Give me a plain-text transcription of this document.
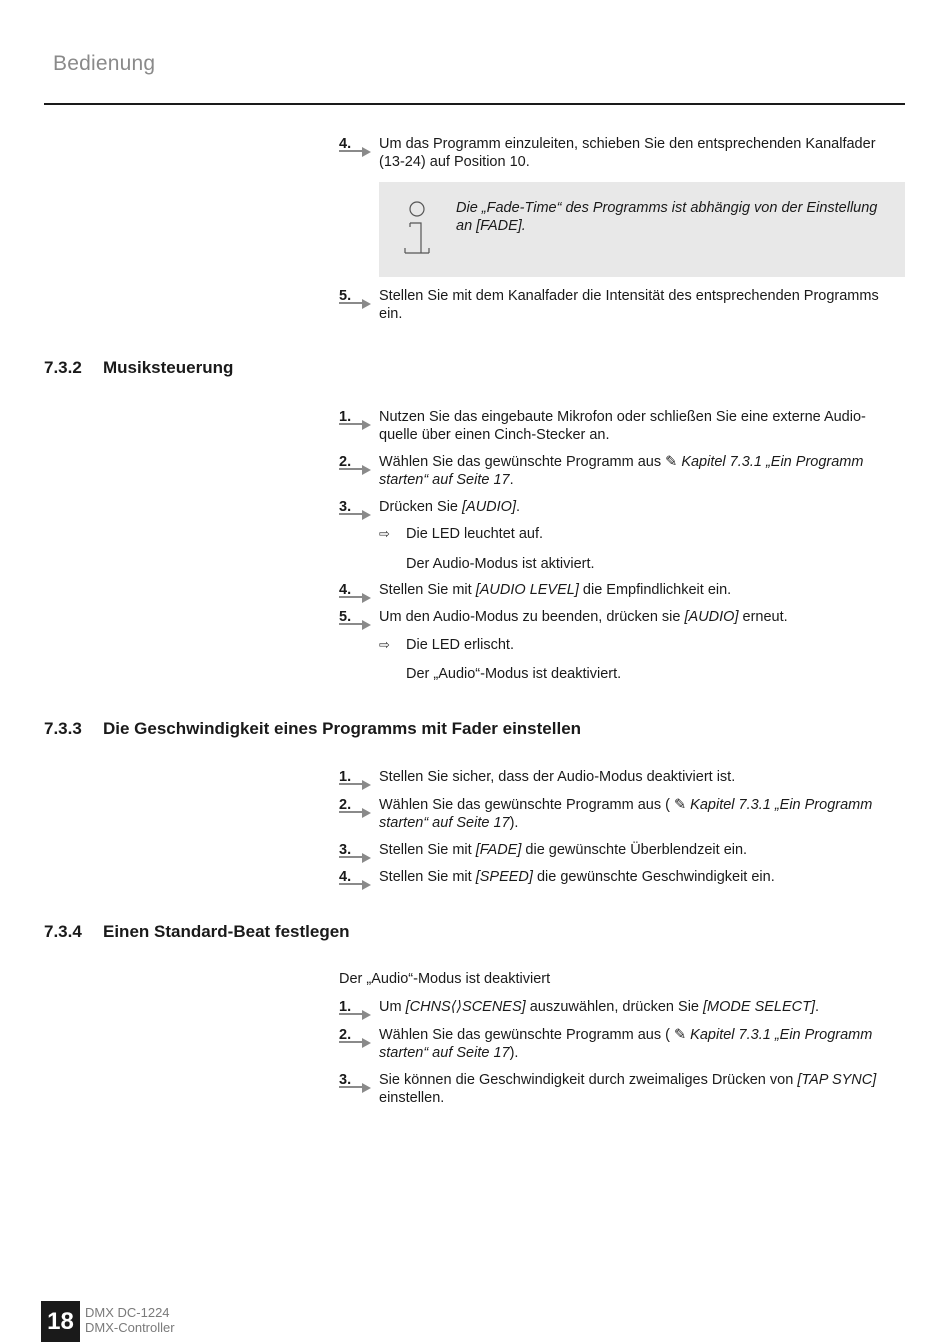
Bedienung
4.	Um das Programm einzuleiten, schieben Sie den entsprechenden Kanalfader (13-24) auf Position 10.
Die „Fade-Time“ des Programms ist abhängig von der Einstellung an [FADE].
5.	Stellen Sie mit dem Kanalfader die Intensität des entsprechenden Programms ein.
7.3.2 Musiksteuerung
1.	Nutzen Sie das eingebaute Mikrofon oder schließen Sie eine externe Audio-quelle über einen Cinch-Stecker an.
2.	Wählen Sie das gewünschte Programm aus ✎ Kapitel 7.3.1 „Ein Programm starten“ auf Seite 17.
3.	Drücken Sie [AUDIO].
⇨	Die LED leuchtet auf.
Der Audio-Modus ist aktiviert.
4.	Stellen Sie mit [AUDIO LEVEL] die Empfindlichkeit ein.
5.	Um den Audio-Modus zu beenden, drücken sie [AUDIO] erneut.
⇨	Die LED erlischt.
Der „Audio“-Modus ist deaktiviert.
7.3.3 Die Geschwindigkeit eines Programms mit Fader einstellen
1.	Stellen Sie sicher, dass der Audio-Modus deaktiviert ist.
2.	Wählen Sie das gewünschte Programm aus ( ✎ Kapitel 7.3.1 „Ein Programm starten“ auf Seite 17).
3.	Stellen Sie mit [FADE] die gewünschte Überblendzeit ein.
4.	Stellen Sie mit [SPEED] die gewünschte Geschwindigkeit ein.
7.3.4 Einen Standard-Beat festlegen
Der „Audio“-Modus ist deaktiviert
1.	Um [CHNS⟨⟩SCENES] auszuwählen, drücken Sie [MODE SELECT].
2.	Wählen Sie das gewünschte Programm aus ( ✎ Kapitel 7.3.1 „Ein Programm starten“ auf Seite 17).
3.	Sie können die Geschwindigkeit durch zweimaliges Drücken von [TAP SYNC] einstellen.
18 DMX DC-1224
DMX-Controller
